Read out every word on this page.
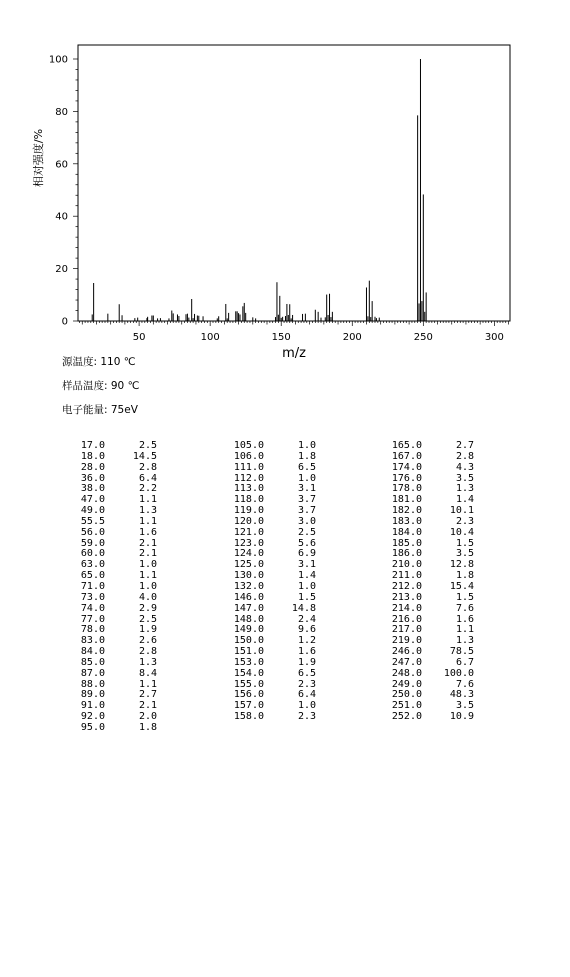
50	100	150	200	250	300
0
20
40
60
80
100
m/z
相对强度/%
源温度: 110 ℃
样品温度: 90 ℃
电子能量: 75eV
17.0	2.5
18.0	14.5
28.0	2.8
36.0	6.4
38.0	2.2
47.0	1.1
49.0	1.3
55.5	1.1
56.0	1.6
59.0	2.1
60.0	2.1
63.0	1.0
65.0	1.1
71.0	1.0
73.0	4.0
74.0	2.9
77.0	2.5
78.0	1.9
83.0	2.6
84.0	2.8
85.0	1.3
87.0	8.4
88.0	1.1
89.0	2.7
91.0	2.1
92.0	2.0
95.0	1.8
105.0	1.0
106.0	1.8
111.0	6.5
112.0	1.0
113.0	3.1
118.0	3.7
119.0	3.7
120.0	3.0
121.0	2.5
123.0	5.6
124.0	6.9
125.0	3.1
130.0	1.4
132.0	1.0
146.0	1.5
147.0	14.8
148.0	2.4
149.0	9.6
150.0	1.2
151.0	1.6
153.0	1.9
154.0	6.5
155.0	2.3
156.0	6.4
157.0	1.0
158.0	2.3
165.0	2.7
167.0	2.8
174.0	4.3
176.0	3.5
178.0	1.3
181.0	1.4
182.0	10.1
183.0	2.3
184.0	10.4
185.0	1.5
186.0	3.5
210.0	12.8
211.0	1.8
212.0	15.4
213.0	1.5
214.0	7.6
216.0	1.6
217.0	1.1
219.0	1.3
246.0	78.5
247.0	6.7
248.0	100.0
249.0	7.6
250.0	48.3
251.0	3.5
252.0	10.9
